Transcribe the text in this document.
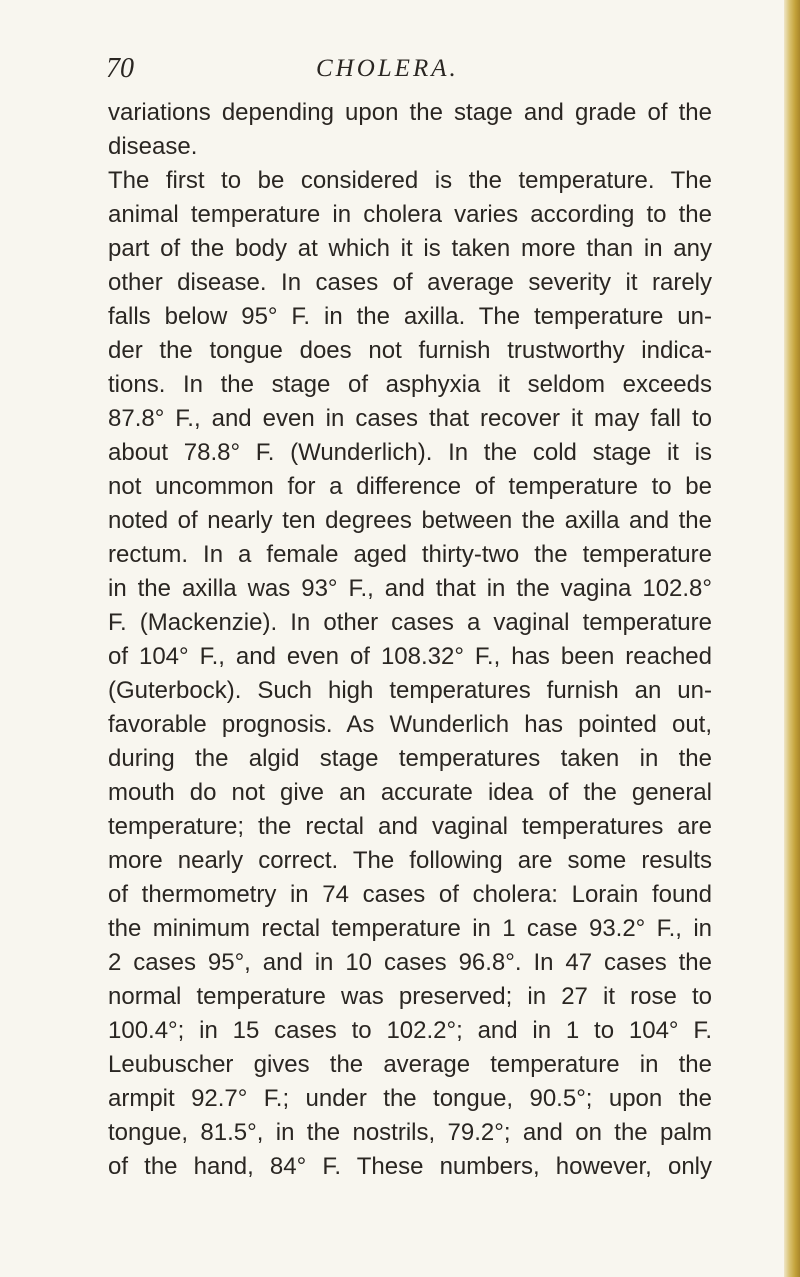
70	CHOLERA.
variations depending upon the stage and grade of the
disease.
The first to be considered is the temperature. The
animal temperature in cholera varies according to the
part of the body at which it is taken more than in any
other disease. In cases of average severity it rarely
falls below 95° F. in the axilla. The temperature un-
der the tongue does not furnish trustworthy indica-
tions. In the stage of asphyxia it seldom exceeds
87.8° F., and even in cases that recover it may fall to
about 78.8° F. (Wunderlich). In the cold stage it is
not uncommon for a difference of temperature to be
noted of nearly ten degrees between the axilla and the
rectum. In a female aged thirty-two the temperature
in the axilla was 93° F., and that in the vagina 102.8°
F. (Mackenzie). In other cases a vaginal temperature
of 104° F., and even of 108.32° F., has been reached
(Guterbock). Such high temperatures furnish an un-
favorable prognosis. As Wunderlich has pointed out,
during the algid stage temperatures taken in the
mouth do not give an accurate idea of the general
temperature; the rectal and vaginal temperatures are
more nearly correct. The following are some results
of thermometry in 74 cases of cholera: Lorain found
the minimum rectal temperature in 1 case 93.2° F., in
2 cases 95°, and in 10 cases 96.8°. In 47 cases the
normal temperature was preserved; in 27 it rose to
100.4°; in 15 cases to 102.2°; and in 1 to 104° F.
Leubuscher gives the average temperature in the
armpit 92.7° F.; under the tongue, 90.5°; upon the
tongue, 81.5°, in the nostrils, 79.2°; and on the palm
of the hand, 84° F. These numbers, however, only
